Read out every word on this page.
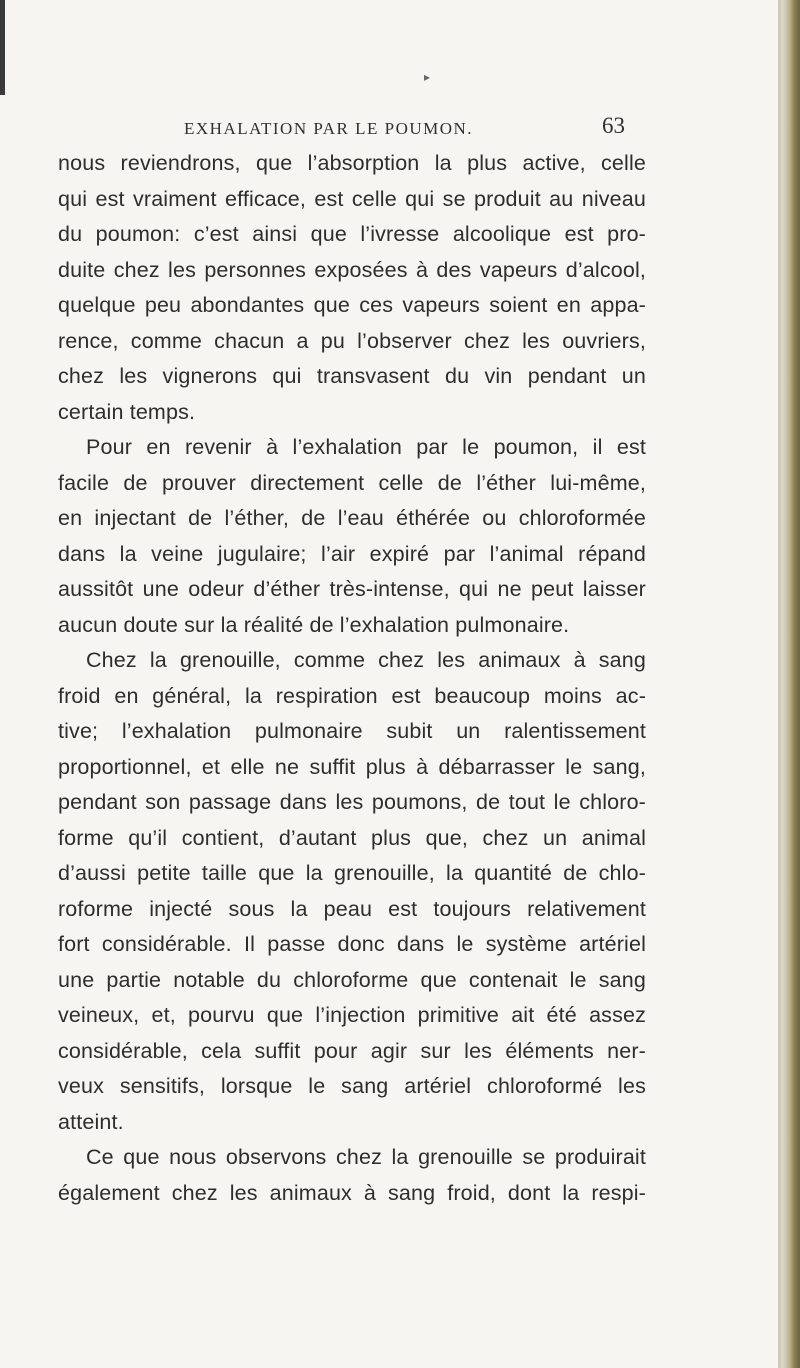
▸
EXHALATION PAR LE POUMON.	63
nous reviendrons, que l’absorption la plus active, celle
qui est vraiment efficace, est celle qui se produit au niveau
du poumon: c’est ainsi que l’ivresse alcoolique est pro-
duite chez les personnes exposées à des vapeurs d’alcool,
quelque peu abondantes que ces vapeurs soient en appa-
rence, comme chacun a pu l’observer chez les ouvriers,
chez les vignerons qui transvasent du vin pendant un
certain temps.
Pour en revenir à l’exhalation par le poumon, il est
facile de prouver directement celle de l’éther lui-même,
en injectant de l’éther, de l’eau éthérée ou chloroformée
dans la veine jugulaire; l’air expiré par l’animal répand
aussitôt une odeur d’éther très-intense, qui ne peut laisser
aucun doute sur la réalité de l’exhalation pulmonaire.
Chez la grenouille, comme chez les animaux à sang
froid en général, la respiration est beaucoup moins ac-
tive; l’exhalation pulmonaire subit un ralentissement
proportionnel, et elle ne suffit plus à débarrasser le sang,
pendant son passage dans les poumons, de tout le chloro-
forme qu’il contient, d’autant plus que, chez un animal
d’aussi petite taille que la grenouille, la quantité de chlo-
roforme injecté sous la peau est toujours relativement
fort considérable. Il passe donc dans le système artériel
une partie notable du chloroforme que contenait le sang
veineux, et, pourvu que l’injection primitive ait été assez
considérable, cela suffit pour agir sur les éléments ner-
veux sensitifs, lorsque le sang artériel chloroformé les
atteint.
Ce que nous observons chez la grenouille se produirait
également chez les animaux à sang froid, dont la respi-
